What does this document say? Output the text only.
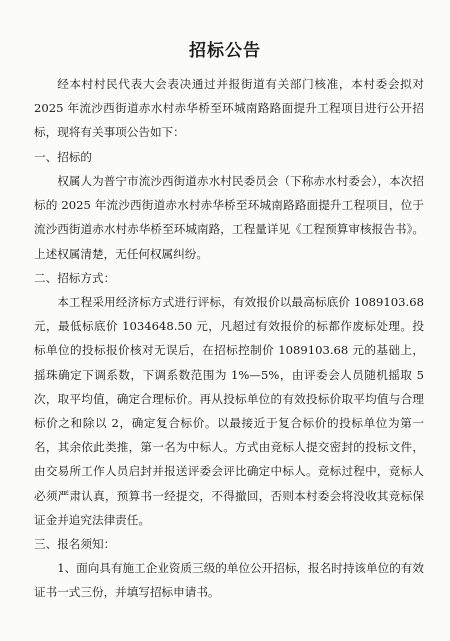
招标公告

经本村村民代表大会表决通过并报街道有关部门核准，本村委会拟对 2025 年流沙西街道赤水村赤华桥至环城南路路面提升工程项目进行公开招标，现将有关事项公告如下：

一、招标的

权属人为普宁市流沙西街道赤水村民委员会（下称赤水村委会），本次招标的 2025 年流沙西街道赤水村赤华桥至环城南路路面提升工程项目，位于流沙西街道赤水村赤华桥至环城南路，工程量详见《工程预算审核报告书》。上述权属清楚，无任何权属纠纷。

二、招标方式：

本工程采用经济标方式进行评标，有效报价以最高标底价 1089103.68 元，最低标底价 1034648.50 元，凡超过有效报价的标都作废标处理。投标单位的投标报价核对无误后，在招标控制价 1089103.68 元的基础上，摇珠确定下调系数，下调系数范围为 1%—5%，由评委会人员随机摇取 5 次，取平均值，确定合理标价。再从投标单位的有效投标价取平均值与合理标价之和除以 2，确定复合标价。以最接近于复合标价的投标单位为第一名，其余依此类推，第一名为中标人。方式由竞标人提交密封的投标文件，由交易所工作人员启封并报送评委会评比确定中标人。竞标过程中，竞标人必须严肃认真，预算书一经提交，不得撤回，否则本村委会将没收其竞标保证金并追究法律责任。

三、报名须知：

1、面向具有施工企业资质三级的单位公开招标，报名时持该单位的有效证书一式三份，并填写招标申请书。
